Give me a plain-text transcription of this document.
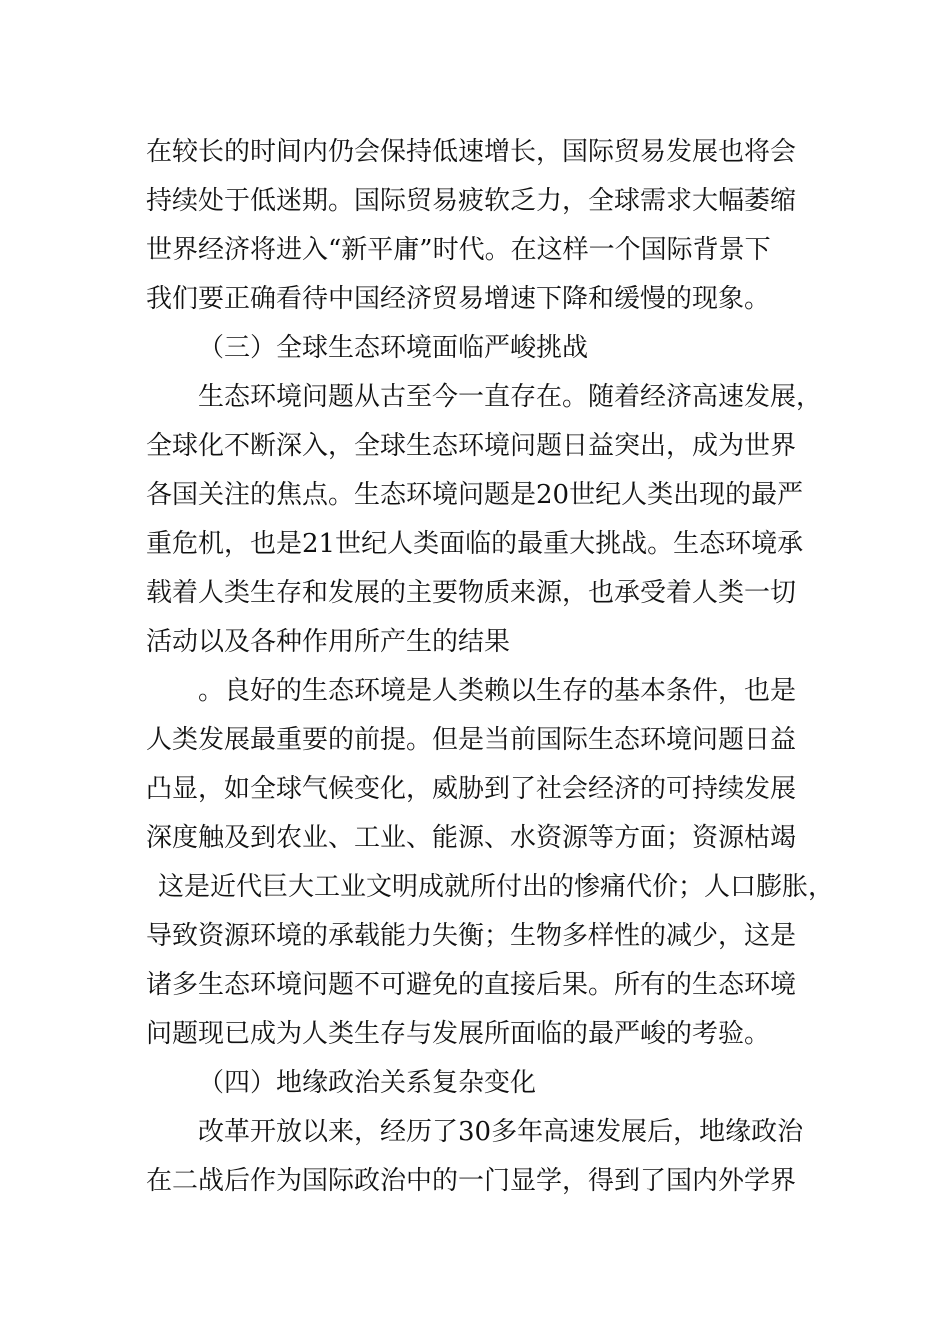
在较长的时间内仍会保持低速增长，国际贸易发展也将会
持续处于低迷期。国际贸易疲软乏力，全球需求大幅萎缩
世界经济将进入“新平庸”时代。在这样一个国际背景下
我们要正确看待中国经济贸易增速下降和缓慢的现象。
（三）全球生态环境面临严峻挑战
生态环境问题从古至今一直存在。随着经济高速发展，
全球化不断深入，全球生态环境问题日益突出，成为世界
各国关注的焦点。生态环境问题是20世纪人类出现的最严
重危机，也是21世纪人类面临的最重大挑战。生态环境承
载着人类生存和发展的主要物质来源，也承受着人类一切
活动以及各种作用所产生的结果
。良好的生态环境是人类赖以生存的基本条件，也是
人类发展最重要的前提。但是当前国际生态环境问题日益
凸显，如全球气候变化，威胁到了社会经济的可持续发展
深度触及到农业、工业、能源、水资源等方面；资源枯竭
这是近代巨大工业文明成就所付出的惨痛代价；人口膨胀，
导致资源环境的承载能力失衡；生物多样性的减少，这是
诸多生态环境问题不可避免的直接后果。所有的生态环境
问题现已成为人类生存与发展所面临的最严峻的考验。
（四）地缘政治关系复杂变化
改革开放以来，经历了30多年高速发展后，地缘政治
在二战后作为国际政治中的一门显学，得到了国内外学界
